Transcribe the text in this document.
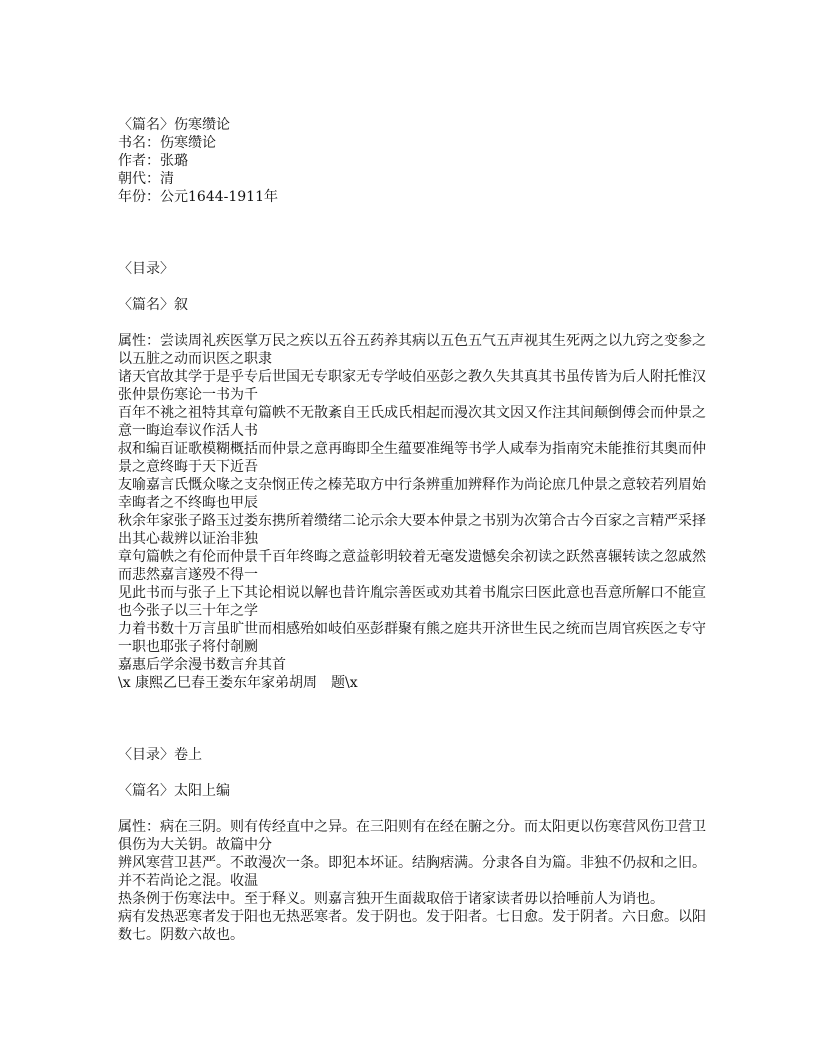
〈篇名〉伤寒缵论

书名：伤寒缵论

作者：张璐

朝代：清

年份：公元1644-1911年

〈目录〉

〈篇名〉叙

属性：尝读周礼疾医掌万民之疾以五谷五药养其病以五色五气五声视其生死两之以九窍之变参之以五脏之动而识医之职隶

诸天官故其学于是乎专后世国无专职家无专学岐伯巫彭之教久失其真其书虽传皆为后人附托惟汉张仲景伤寒论一书为千

百年不祧之祖特其章句篇帙不无散紊自王氏成氏相起而漫次其文因又作注其间颠倒傅会而仲景之意一晦迨奉议作活人书

叔和编百证歌模糊概括而仲景之意再晦即全生蕴要准绳等书学人咸奉为指南究未能推衍其奥而仲景之意终晦于天下近吾

友喻嘉言氏慨众喙之支杂悯正传之榛芜取方中行条辨重加辨释作为尚论庶几仲景之意较若列眉始幸晦者之不终晦也甲辰

秋余年家张子路玉过娄东携所着缵绪二论示余大要本仲景之书别为次第合古今百家之言精严采择出其心裁辨以证治非独

章句篇帙之有伦而仲景千百年终晦之意益彰明较着无毫发遗憾矣余初读之跃然喜辗转读之忽戚然而悲然嘉言遂殁不得一

见此书而与张子上下其论相说以解也昔许胤宗善医或劝其着书胤宗曰医此意也吾意所解口不能宣也今张子以三十年之学

力着书数十万言虽旷世而相感殆如岐伯巫彭群聚有熊之庭共开济世生民之统而岂周官疾医之专守一职也耶张子将付剞劂

嘉惠后学余漫书数言弁其首

\x 康熙乙巳春王娄东年家弟胡周　题\x

〈目录〉卷上

〈篇名〉太阳上编

属性：病在三阴。则有传经直中之异。在三阳则有在经在腑之分。而太阳更以伤寒营风伤卫营卫俱伤为大关钥。故篇中分

辨风寒营卫甚严。不敢漫次一条。即犯本坏证。结胸痞满。分隶各自为篇。非独不仍叔和之旧。并不若尚论之混。收温

热条例于伤寒法中。至于释义。则嘉言独开生面裁取倍于诸家读者毋以拾唾前人为诮也。

病有发热恶寒者发于阳也无热恶寒者。发于阴也。发于阳者。七日愈。发于阴者。六日愈。以阳数七。阴数六故也。
